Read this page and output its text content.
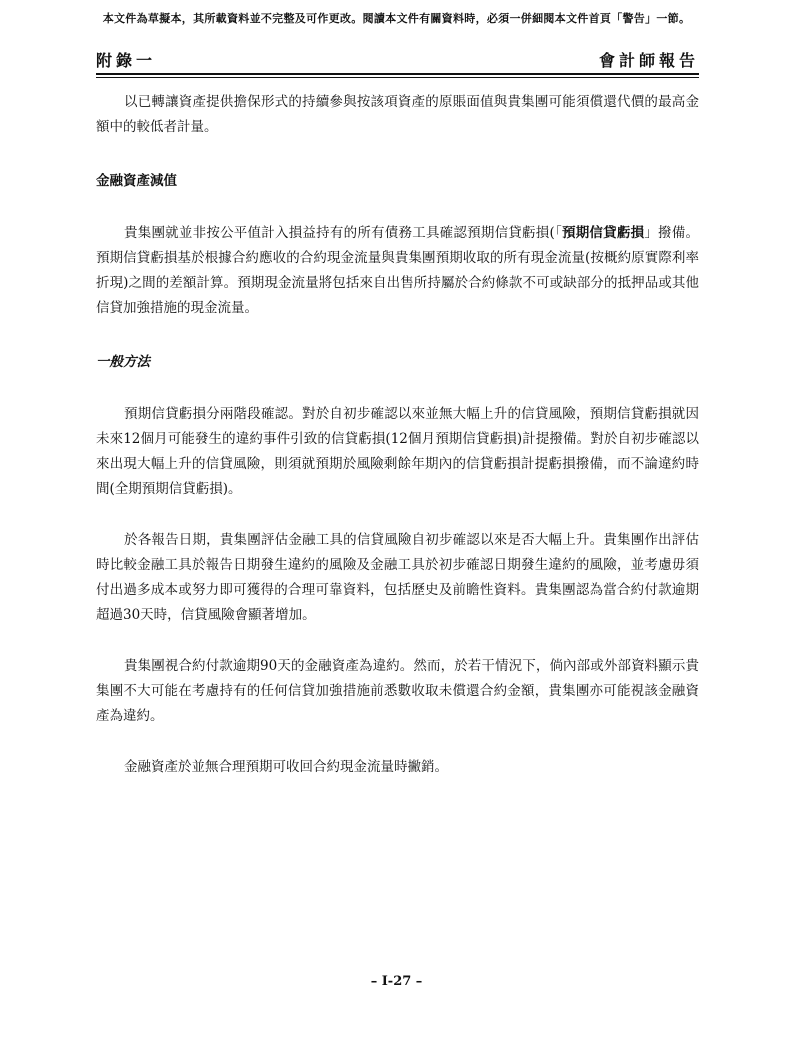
本文件為草擬本，其所載資料並不完整及可作更改。閱讀本文件有關資料時，必須一併細閱本文件首頁「警告」一節。
附錄一	會計師報告

以已轉讓資產提供擔保形式的持續參與按該項資產的原賬面值與貴集團可能須償還代價的最高金額中的較低者計量。

金融資產減值

貴集團就並非按公平值計入損益持有的所有債務工具確認預期信貸虧損(「預期信貸虧損」撥備。預期信貸虧損基於根據合約應收的合約現金流量與貴集團預期收取的所有現金流量(按概約原實際利率折現)之間的差額計算。預期現金流量將包括來自出售所持屬於合約條款不可或缺部分的抵押品或其他信貸加強措施的現金流量。

一般方法

預期信貸虧損分兩階段確認。對於自初步確認以來並無大幅上升的信貸風險，預期信貸虧損就因未來12個月可能發生的違約事件引致的信貸虧損(12個月預期信貸虧損)計提撥備。對於自初步確認以來出現大幅上升的信貸風險，則須就預期於風險剩餘年期內的信貸虧損計提虧損撥備，而不論違約時間(全期預期信貸虧損)。

於各報告日期，貴集團評估金融工具的信貸風險自初步確認以來是否大幅上升。貴集團作出評估時比較金融工具於報告日期發生違約的風險及金融工具於初步確認日期發生違約的風險，並考慮毋須付出過多成本或努力即可獲得的合理可靠資料，包括歷史及前瞻性資料。貴集團認為當合約付款逾期超過30天時，信貸風險會顯著增加。

貴集團視合約付款逾期90天的金融資產為違約。然而，於若干情況下，倘內部或外部資料顯示貴集團不大可能在考慮持有的任何信貸加強措施前悉數收取未償還合約金額，貴集團亦可能視該金融資產為違約。

金融資產於並無合理預期可收回合約現金流量時撇銷。

– I-27 –
